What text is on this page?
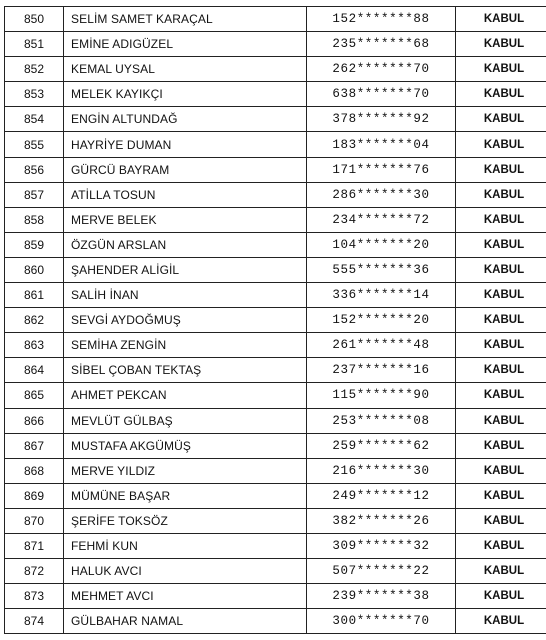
850	SELİM SAMET KARAÇAL	152*******88	KABUL
851	EMİNE ADIGÜZEL	235*******68	KABUL
852	KEMAL UYSAL	262*******70	KABUL
853	MELEK KAYIKÇI	638*******70	KABUL
854	ENGİN ALTUNDAĞ	378*******92	KABUL
855	HAYRİYE DUMAN	183*******04	KABUL
856	GÜRCÜ BAYRAM	171*******76	KABUL
857	ATİLLA TOSUN	286*******30	KABUL
858	MERVE BELEK	234*******72	KABUL
859	ÖZGÜN ARSLAN	104*******20	KABUL
860	ŞAHENDER ALİGİL	555*******36	KABUL
861	SALİH İNAN	336*******14	KABUL
862	SEVGİ AYDOĞMUŞ	152*******20	KABUL
863	SEMİHA ZENGİN	261*******48	KABUL
864	SİBEL ÇOBAN TEKTAŞ	237*******16	KABUL
865	AHMET PEKCAN	115*******90	KABUL
866	MEVLÜT GÜLBAŞ	253*******08	KABUL
867	MUSTAFA AKGÜMÜŞ	259*******62	KABUL
868	MERVE YILDIZ	216*******30	KABUL
869	MÜMÜNE BAŞAR	249*******12	KABUL
870	ŞERİFE TOKSÖZ	382*******26	KABUL
871	FEHMİ KUN	309*******32	KABUL
872	HALUK AVCI	507*******22	KABUL
873	MEHMET AVCI	239*******38	KABUL
874	GÜLBAHAR NAMAL	300*******70	KABUL
